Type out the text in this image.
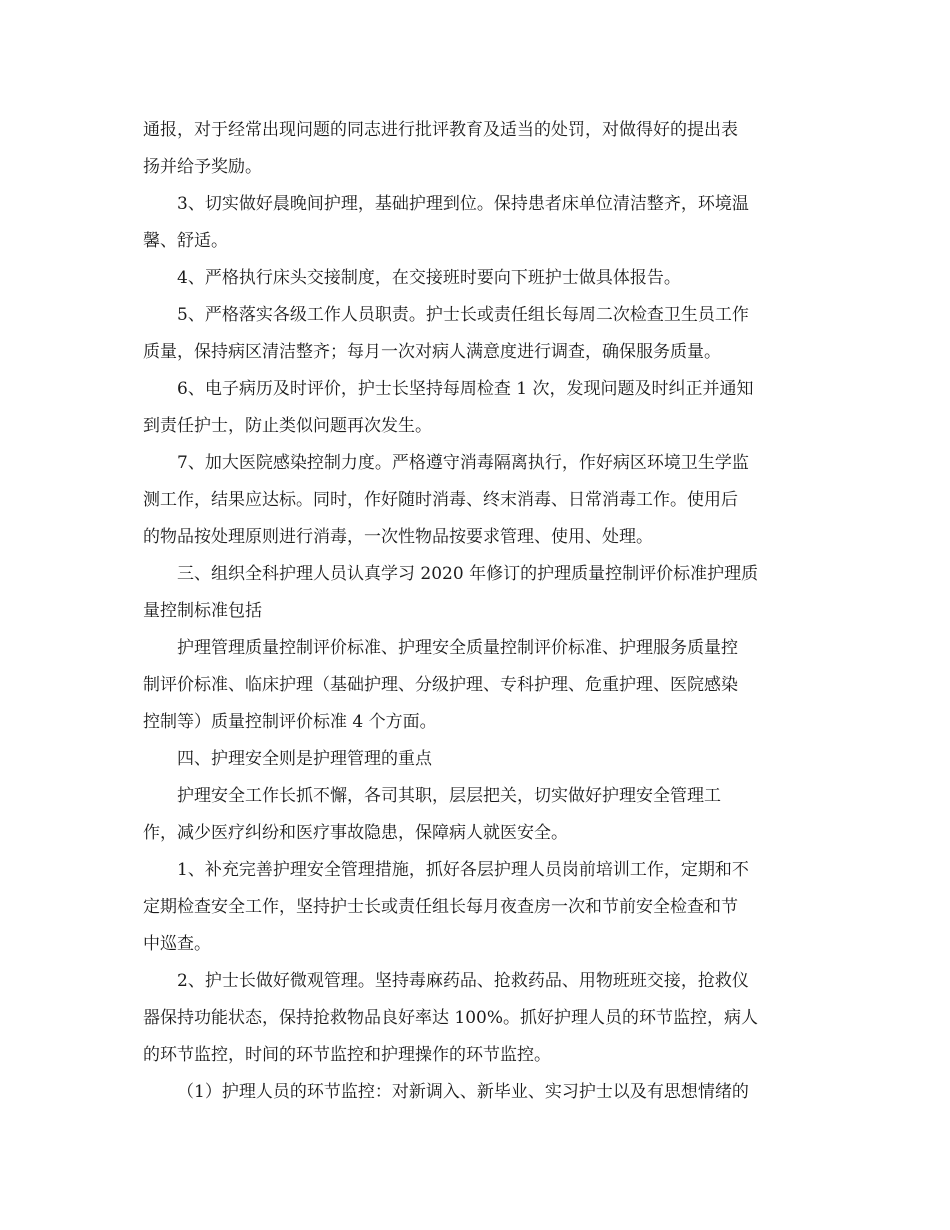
通报，对于经常出现问题的同志进行批评教育及适当的处罚，对做得好的提出表
扬并给予奖励。
3、切实做好晨晚间护理，基础护理到位。保持患者床单位清洁整齐，环境温
馨、舒适。
4、严格执行床头交接制度，在交接班时要向下班护士做具体报告。
5、严格落实各级工作人员职责。护士长或责任组长每周二次检查卫生员工作
质量，保持病区清洁整齐；每月一次对病人满意度进行调查，确保服务质量。
6、电子病历及时评价，护士长坚持每周检查 1 次，发现问题及时纠正并通知
到责任护士，防止类似问题再次发生。
7、加大医院感染控制力度。严格遵守消毒隔离执行，作好病区环境卫生学监
测工作，结果应达标。同时，作好随时消毒、终末消毒、日常消毒工作。使用后
的物品按处理原则进行消毒，一次性物品按要求管理、使用、处理。
三、组织全科护理人员认真学习 2020 年修订的护理质量控制评价标准护理质
量控制标准包括
护理管理质量控制评价标准、护理安全质量控制评价标准、护理服务质量控
制评价标准、临床护理（基础护理、分级护理、专科护理、危重护理、医院感染
控制等）质量控制评价标准 4 个方面。
四、护理安全则是护理管理的重点
护理安全工作长抓不懈，各司其职，层层把关，切实做好护理安全管理工
作，减少医疗纠纷和医疗事故隐患，保障病人就医安全。
1、补充完善护理安全管理措施，抓好各层护理人员岗前培训工作，定期和不
定期检查安全工作，坚持护士长或责任组长每月夜查房一次和节前安全检查和节
中巡查。
2、护士长做好微观管理。坚持毒麻药品、抢救药品、用物班班交接，抢救仪
器保持功能状态，保持抢救物品良好率达 100%。抓好护理人员的环节监控，病人
的环节监控，时间的环节监控和护理操作的环节监控。
（1）护理人员的环节监控：对新调入、新毕业、实习护士以及有思想情绪的
